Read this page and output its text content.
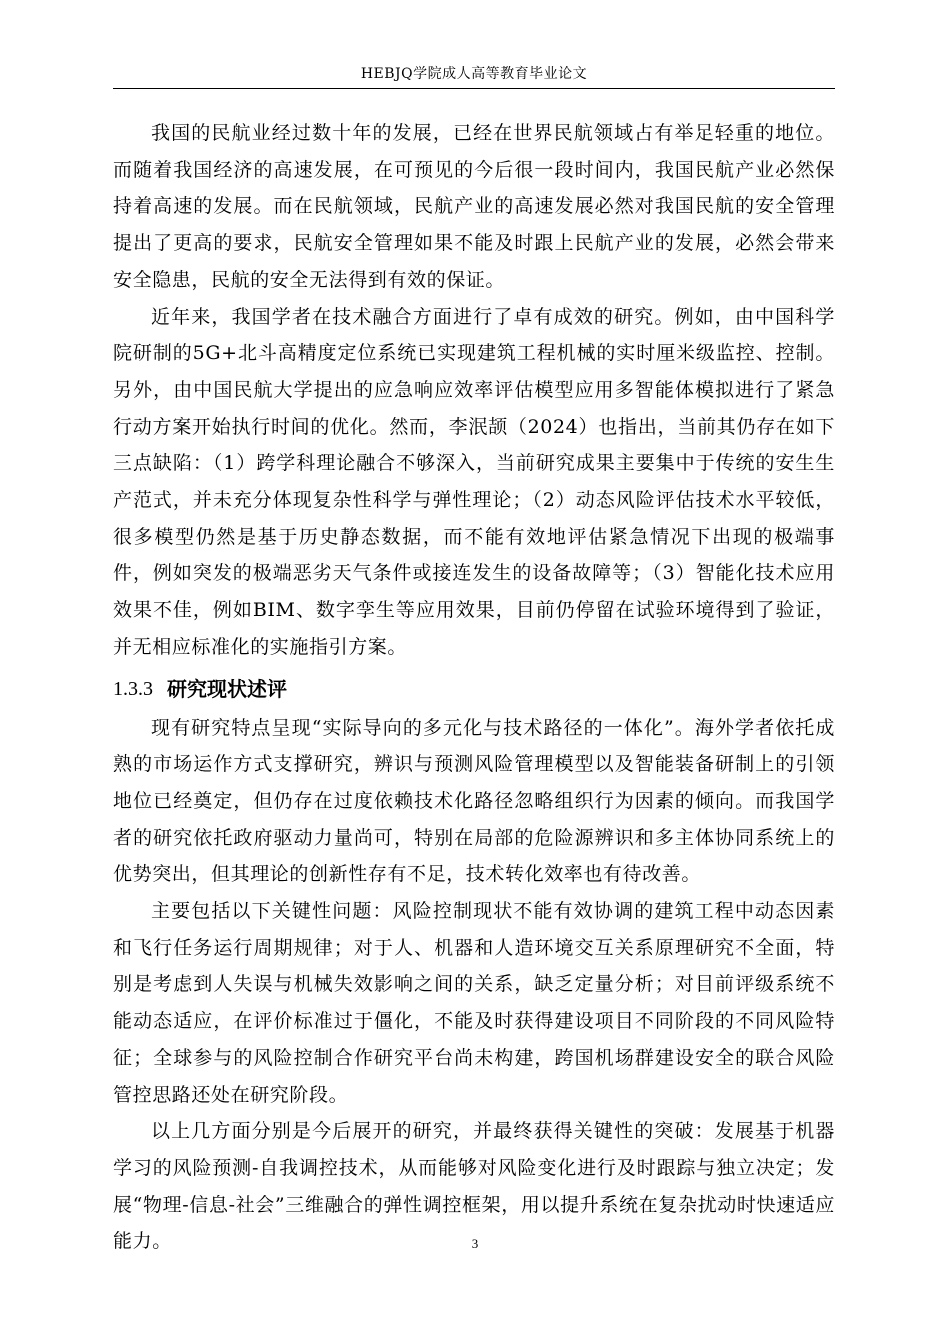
HEBJQ学院成人高等教育毕业论文

我国的民航业经过数十年的发展，已经在世界民航领域占有举足轻重的地位。而随着我国经济的高速发展，在可预见的今后很一段时间内，我国民航产业必然保持着高速的发展。而在民航领域，民航产业的高速发展必然对我国民航的安全管理提出了更高的要求，民航安全管理如果不能及时跟上民航产业的发展，必然会带来安全隐患，民航的安全无法得到有效的保证。

近年来，我国学者在技术融合方面进行了卓有成效的研究。例如，由中国科学院研制的5G+北斗高精度定位系统已实现建筑工程机械的实时厘米级监控、控制。另外，由中国民航大学提出的应急响应效率评估模型应用多智能体模拟进行了紧急行动方案开始执行时间的优化。然而，李泯颉（2024）也指出，当前其仍存在如下三点缺陷：（1）跨学科理论融合不够深入，当前研究成果主要集中于传统的安生生产范式，并未充分体现复杂性科学与弹性理论；（2）动态风险评估技术水平较低，很多模型仍然是基于历史静态数据，而不能有效地评估紧急情况下出现的极端事件，例如突发的极端恶劣天气条件或接连发生的设备故障等；（3）智能化技术应用效果不佳，例如BIM、数字孪生等应用效果，目前仍停留在试验环境得到了验证，并无相应标准化的实施指引方案。

1.3.3 研究现状述评

现有研究特点呈现“实际导向的多元化与技术路径的一体化”。海外学者依托成熟的市场运作方式支撑研究，辨识与预测风险管理模型以及智能装备研制上的引领地位已经奠定，但仍存在过度依赖技术化路径忽略组织行为因素的倾向。而我国学者的研究依托政府驱动力量尚可，特别在局部的危险源辨识和多主体协同系统上的优势突出，但其理论的创新性存有不足，技术转化效率也有待改善。

主要包括以下关键性问题：风险控制现状不能有效协调的建筑工程中动态因素和飞行任务运行周期规律；对于人、机器和人造环境交互关系原理研究不全面，特别是考虑到人失误与机械失效影响之间的关系，缺乏定量分析；对目前评级系统不能动态适应，在评价标准过于僵化，不能及时获得建设项目不同阶段的不同风险特征；全球参与的风险控制合作研究平台尚未构建，跨国机场群建设安全的联合风险管控思路还处在研究阶段。

以上几方面分别是今后展开的研究，并最终获得关键性的突破：发展基于机器学习的风险预测-自我调控技术，从而能够对风险变化进行及时跟踪与独立决定；发展“物理-信息-社会”三维融合的弹性调控框架，用以提升系统在复杂扰动时快速适应能力。	3
